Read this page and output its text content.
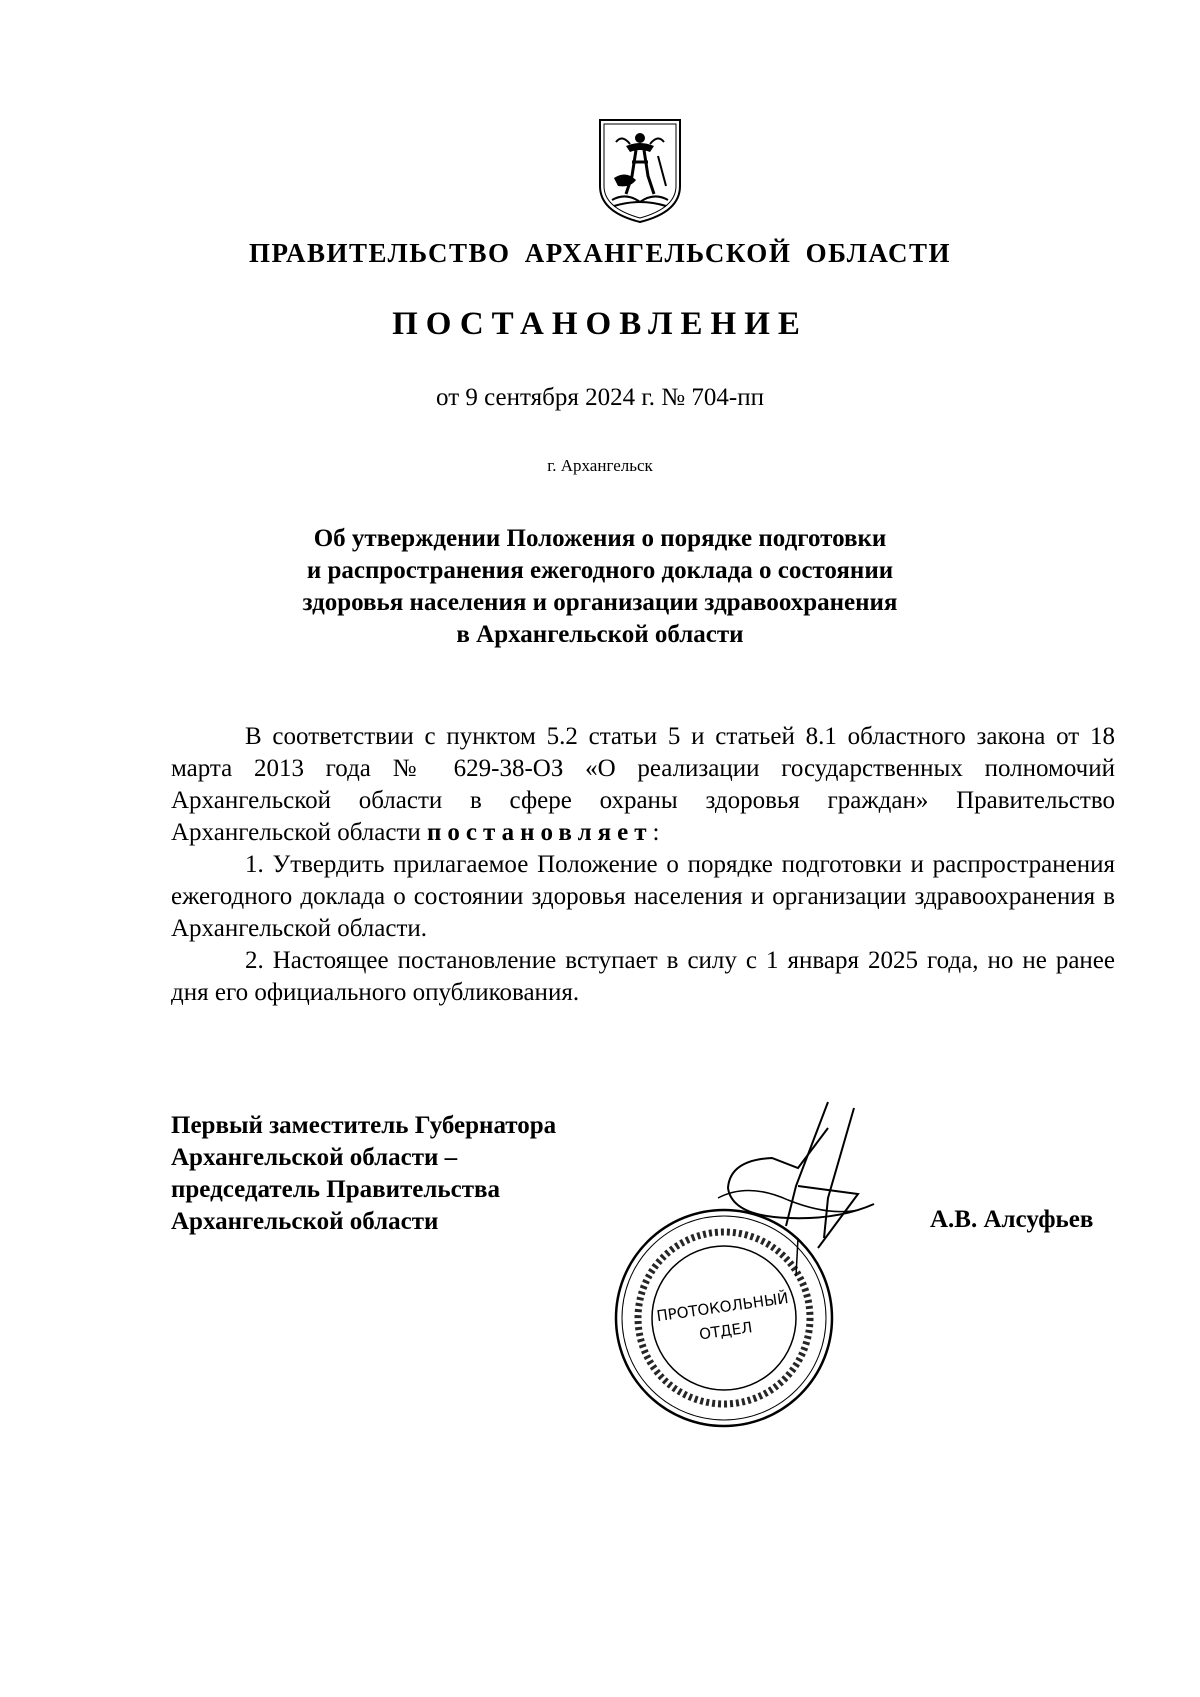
ПРАВИТЕЛЬСТВО АРХАНГЕЛЬСКОЙ ОБЛАСТИ
ПОСТАНОВЛЕНИЕ
от 9 сентября 2024 г. № 704-пп
г. Архангельск
Об утверждении Положения о порядке подготовки
и распространения ежегодного доклада о состоянии
здоровья населения и организации здравоохранения
в Архангельской области

В соответствии с пунктом 5.2 статьи 5 и статьей 8.1 областного закона от 18 марта 2013 года № 629-38-ОЗ «О реализации государственных полномочий Архангельской области в сфере охраны здоровья граждан» Правительство Архангельской области постановляет:

1. Утвердить прилагаемое Положение о порядке подготовки и распространения ежегодного доклада о состоянии здоровья населения и организации здравоохранения в Архангельской области.

2. Настоящее постановление вступает в силу с 1 января 2025 года, но не ранее дня его официального опубликования.

Первый заместитель Губернатора
Архангельской области –
председатель Правительства
Архангельской области
ПРОТОКОЛЬНЫЙ
ОТДЕЛ
А.В. Алсуфьев
